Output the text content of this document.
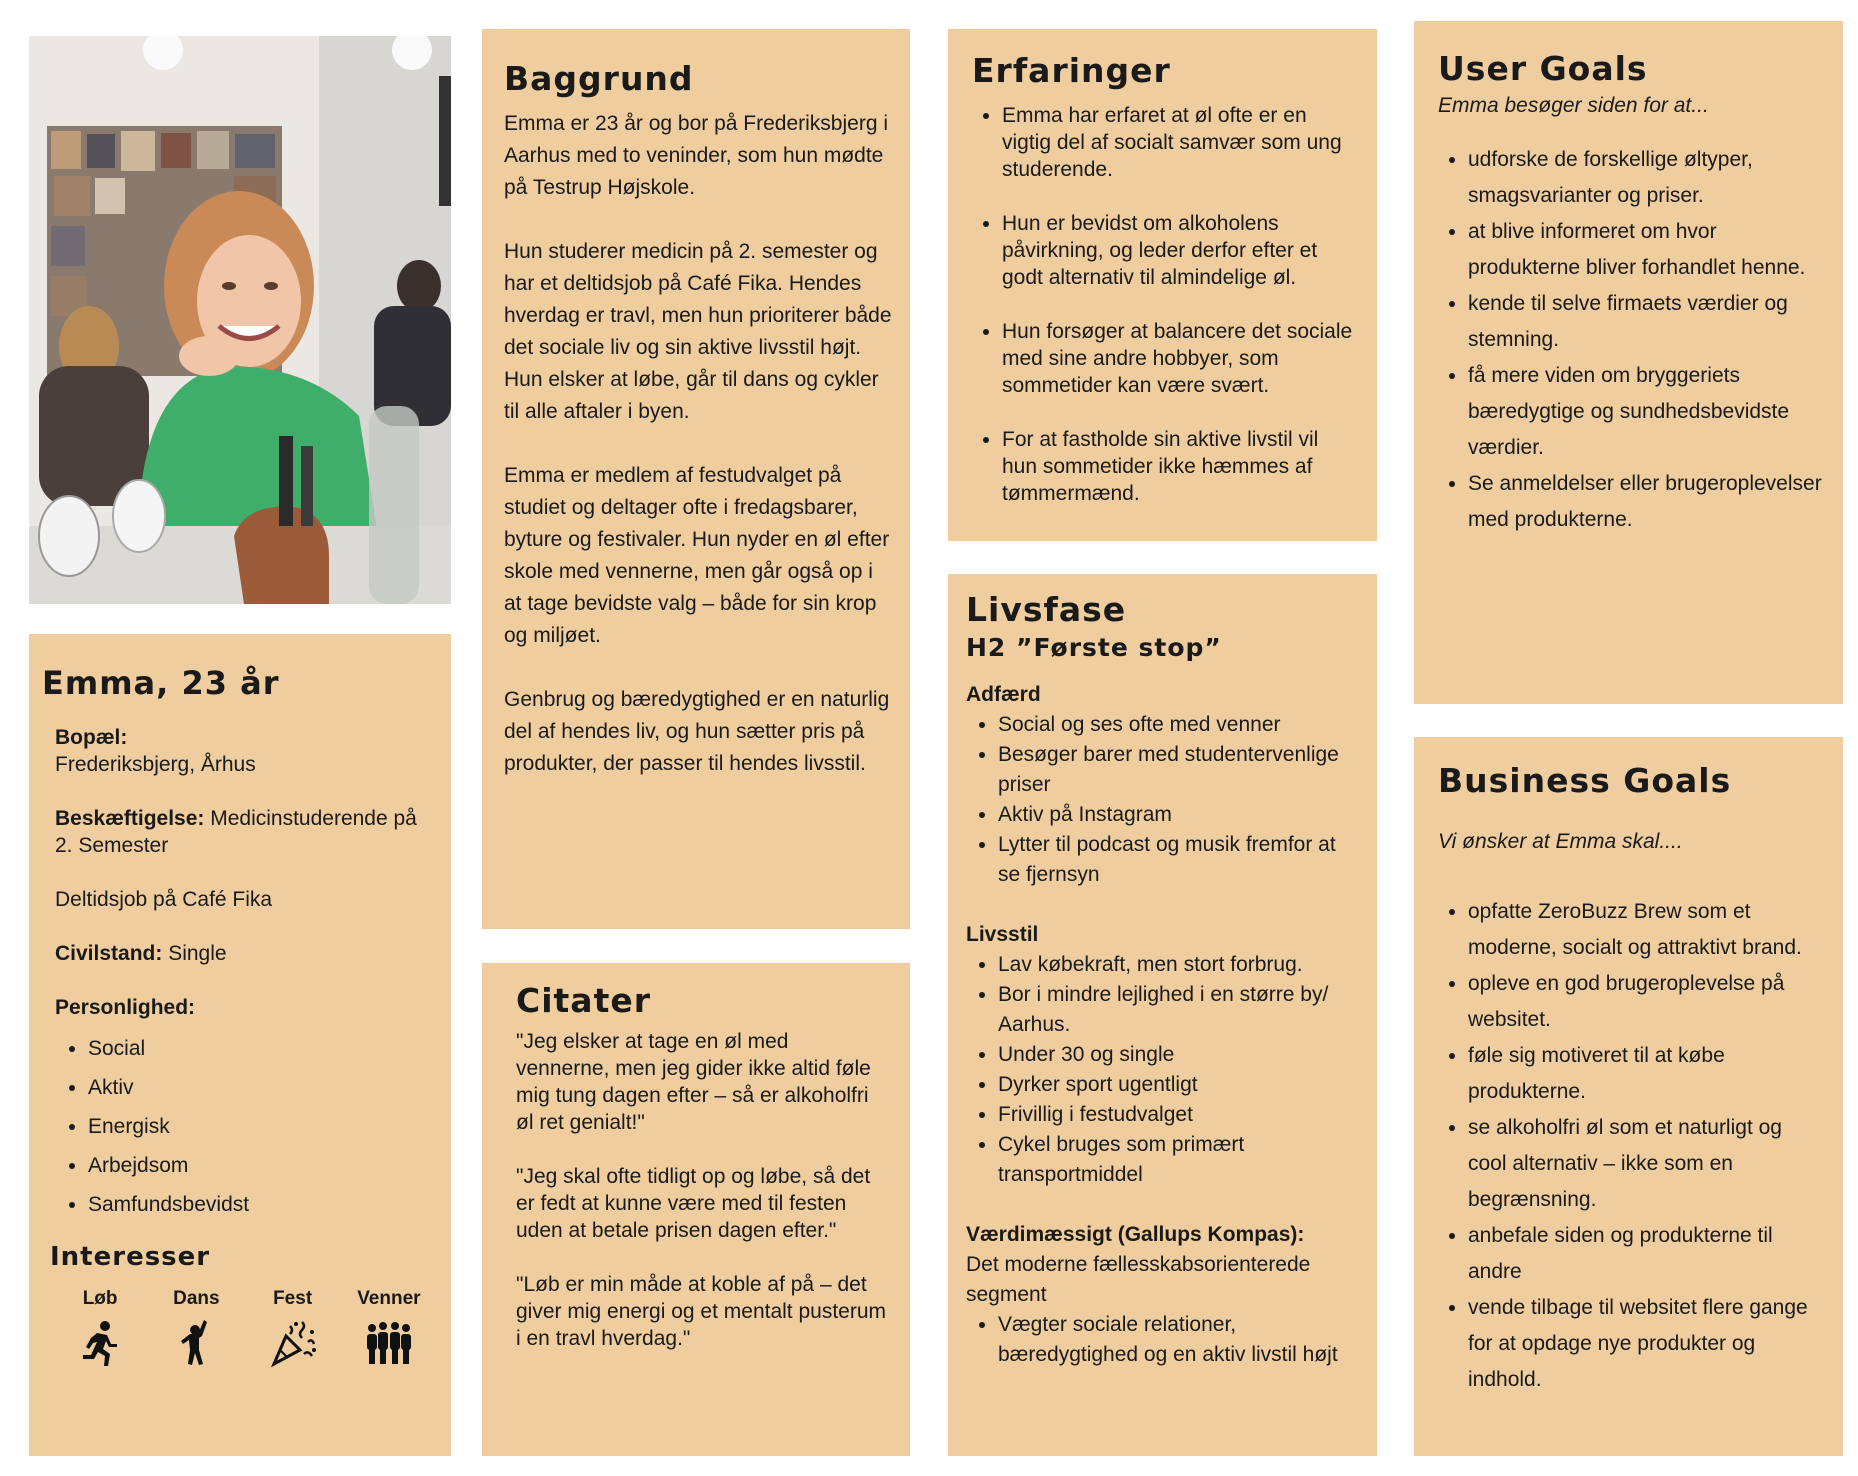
Emma, 23 år
Bopæl:
Frederiksbjerg, Århus
Beskæftigelse: Medicinstuderende på 2. Semester
Deltidsjob på Café Fika
Civilstand: Single
Personlighed:
• Social
• Aktiv
• Energisk
• Arbejdsom
• Samfundsbevidst
Interesser
Løb	Dans	Fest	Venner
Baggrund

Emma er 23 år og bor på Frederiksbjerg i Aarhus med to veninder, som hun mødte på Testrup Højskole.

Hun studerer medicin på 2. semester og har et deltidsjob på Café Fika. Hendes hverdag er travl, men hun prioriterer både det sociale liv og sin aktive livsstil højt. Hun elsker at løbe, går til dans og cykler til alle aftaler i byen.

Emma er medlem af festudvalget på studiet og deltager ofte i fredagsbarer, byture og festivaler. Hun nyder en øl efter skole med vennerne, men går også op i at tage bevidste valg – både for sin krop og miljøet.

Genbrug og bæredygtighed er en naturlig del af hendes liv, og hun sætter pris på produkter, der passer til hendes livsstil.

Citater

"Jeg elsker at tage en øl med vennerne, men jeg gider ikke altid føle mig tung dagen efter – så er alkoholfri øl ret genialt!"

"Jeg skal ofte tidligt op og løbe, så det er fedt at kunne være med til festen uden at betale prisen dagen efter."

"Løb er min måde at koble af på – det giver mig energi og et mentalt pusterum i en travl hverdag."

Erfaringer
• Emma har erfaret at øl ofte er en vigtig del af socialt samvær som ung studerende.
• Hun er bevidst om alkoholens påvirkning, og leder derfor efter et godt alternativ til almindelige øl.
• Hun forsøger at balancere det sociale med sine andre hobbyer, som sommetider kan være svært.
• For at fastholde sin aktive livstil vil hun sommetider ikke hæmmes af tømmermænd.
Livsfase
H2 ”Første stop”
Adfærd
• Social og ses ofte med venner
• Besøger barer med studentervenlige priser
• Aktiv på Instagram
• Lytter til podcast og musik fremfor at se fjernsyn
Livsstil
• Lav købekraft, men stort forbrug.
• Bor i mindre lejlighed i en større by/ Aarhus.
• Under 30 og single
• Dyrker sport ugentligt
• Frivillig i festudvalget
• Cykel bruges som primært transportmiddel
Værdimæssigt (Gallups Kompas):
Det moderne fællesskabsorienterede segment
• Vægter sociale relationer, bæredygtighed og en aktiv livstil højt
User Goals
Emma besøger siden for at...
• udforske de forskellige øltyper, smagsvarianter og priser.
• at blive informeret om hvor produkterne bliver forhandlet henne.
• kende til selve firmaets værdier og stemning.
• få mere viden om bryggeriets bæredygtige og sundhedsbevidste værdier.
• Se anmeldelser eller brugeroplevelser med produkterne.
Business Goals
Vi ønsker at Emma skal....
• opfatte ZeroBuzz Brew som et moderne, socialt og attraktivt brand.
• opleve en god brugeroplevelse på websitet.
• føle sig motiveret til at købe produkterne.
• se alkoholfri øl som et naturligt og cool alternativ – ikke som en begrænsning.
• anbefale siden og produkterne til andre
• vende tilbage til websitet flere gange for at opdage nye produkter og indhold.
